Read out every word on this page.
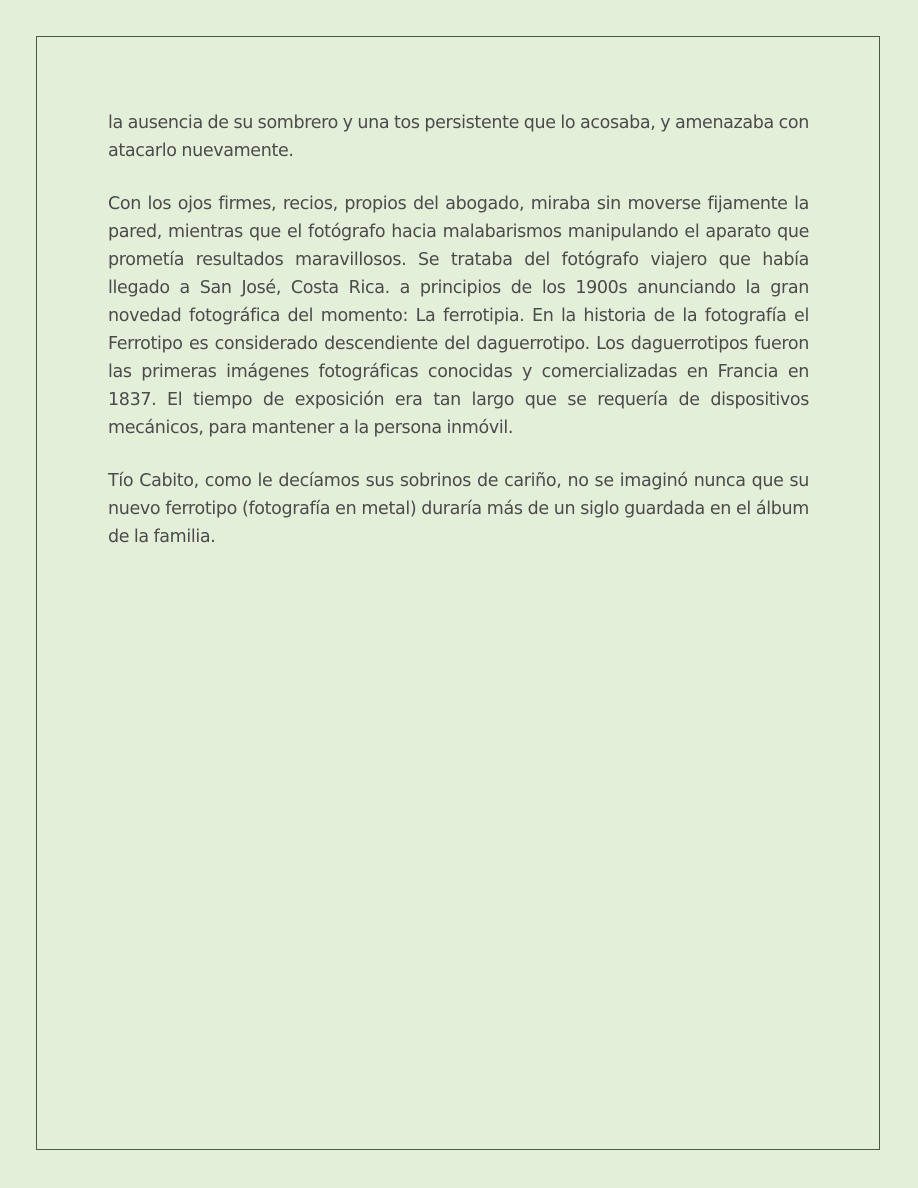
la ausencia de su sombrero y una tos persistente que lo acosaba, y amenazaba con atacarlo nuevamente.

Con los ojos firmes, recios, propios del abogado, miraba sin moverse fijamente la pared, mientras que el fotógrafo hacia malabarismos manipulando el aparato que prometía resultados maravillosos. Se trataba del fotógrafo viajero que había llegado a San José, Costa Rica. a principios de los 1900s anunciando la gran novedad fotográfica del momento: La ferrotipia. En la historia de la fotografía el Ferrotipo es considerado descendiente del daguerrotipo. Los daguerrotipos fueron las primeras imágenes fotográficas conocidas y comercializadas en Francia en 1837. El tiempo de exposición era tan largo que se requería de dispositivos mecánicos, para mantener a la persona inmóvil.

Tío Cabito, como le decíamos sus sobrinos de cariño, no se imaginó nunca que su nuevo ferrotipo (fotografía en metal) duraría más de un siglo guardada en el álbum de la familia.
